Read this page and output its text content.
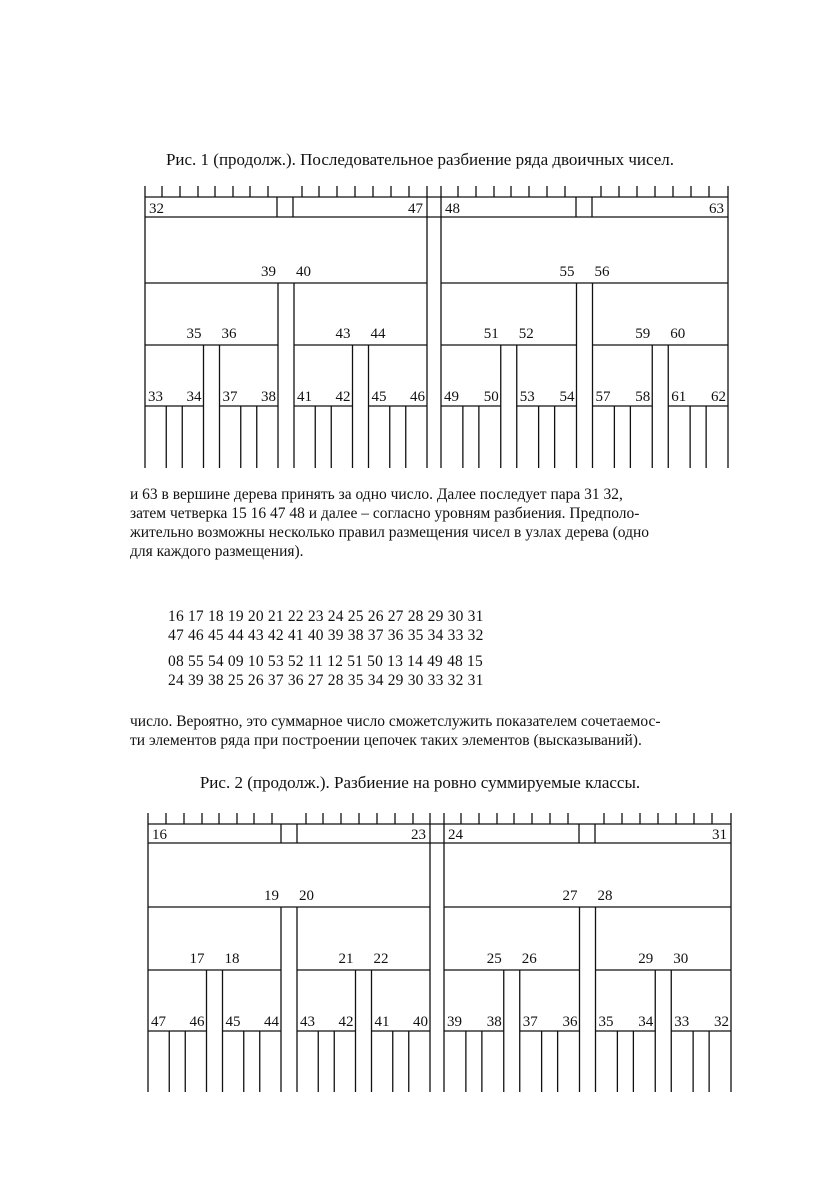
Рис. 1 (продолж.). Последовательное разбиение ряда двоичных чисел.
32	47
39 40
35 36
33 34 37 38
43 44
41 42 45 46
48	63
55 56
51 52
49 50 53 54
59 60
57 58 61 62
и 63 в вершине дерева принять за одно число. Далее последует пара 31 32,
затем четверка 15 16 47 48 и далее – согласно уровням разбиения. Предполо-
жительно возможны несколько правил размещения чисел в узлах дерева (одно
для каждого размещения).
16 17 18 19 20 21 22 23 24 25 26 27 28 29 30 31
47 46 45 44 43 42 41 40 39 38 37 36 35 34 33 32
08 55 54 09 10 53 52 11 12 51 50 13 14 49 48 15
24 39 38 25 26 37 36 27 28 35 34 29 30 33 32 31
число. Вероятно, это суммарное число сможетслужить показателем сочетаемос-
ти элементов ряда при построении цепочек таких элементов (высказываний).
Рис. 2 (продолж.). Разбиение на ровно суммируемые классы.
16	23
19 20
17 18
47 46 45 44
21 22
43 42 41 40
24	31
27 28
25 26
39 38 37 36
29 30
35 34 33 32
